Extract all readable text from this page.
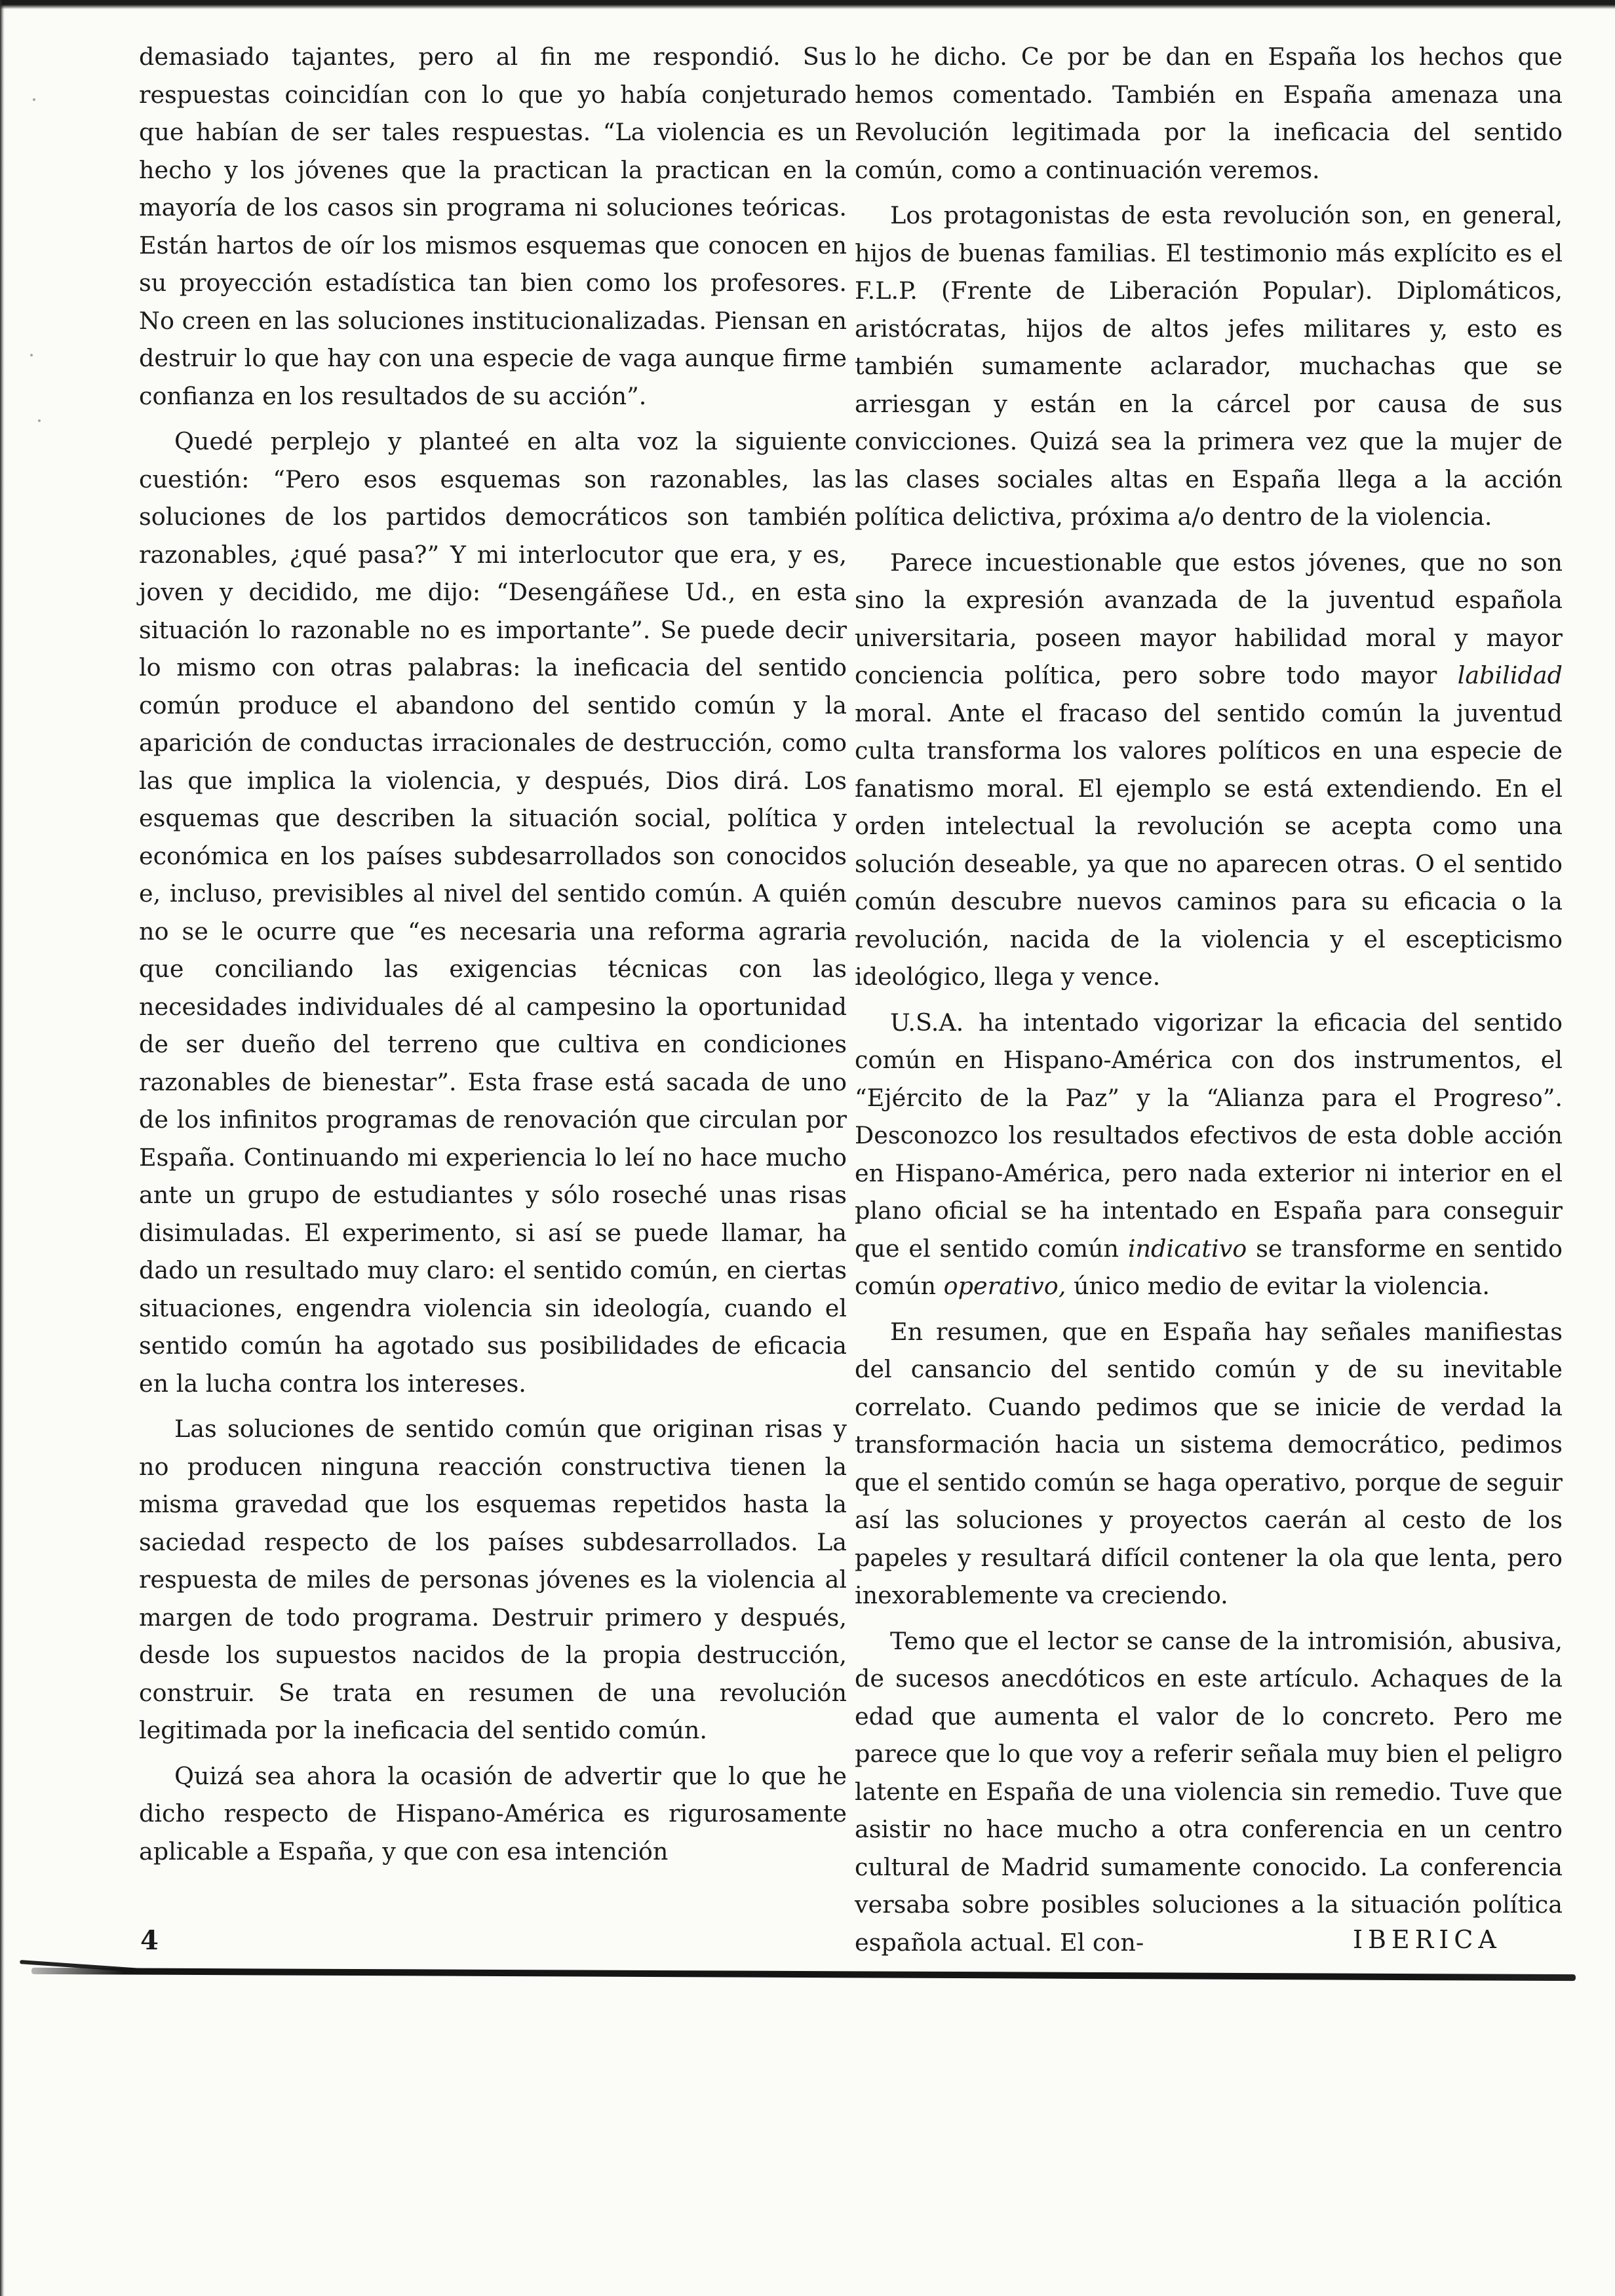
demasiado tajantes, pero al fin me respondió. Sus respuestas coincidían con lo que yo había conjeturado que habían de ser tales respuestas. “La violencia es un hecho y los jóvenes que la practican la practican en la mayoría de los casos sin programa ni soluciones teóricas. Están hartos de oír los mismos esquemas que conocen en su proyección estadística tan bien como los profesores. No creen en las soluciones institucionalizadas. Piensan en destruir lo que hay con una especie de vaga aunque firme confianza en los resultados de su acción”.

Quedé perplejo y planteé en alta voz la siguiente cuestión: “Pero esos esquemas son razonables, las soluciones de los partidos democráticos son también razonables, ¿qué pasa?” Y mi interlocutor que era, y es, joven y decidido, me dijo: “Desengáñese Ud., en esta situación lo razonable no es importante”. Se puede decir lo mismo con otras palabras: la ineficacia del sentido común produce el abandono del sentido común y la aparición de conductas irracionales de destrucción, como las que implica la violencia, y después, Dios dirá. Los esquemas que describen la situación social, política y económica en los países subdesarrollados son conocidos e, incluso, previsibles al nivel del sentido común. A quién no se le ocurre que “es necesaria una reforma agraria que conciliando las exigencias técnicas con las necesidades individuales dé al campesino la oportunidad de ser dueño del terreno que cultiva en condiciones razonables de bienestar”. Esta frase está sacada de uno de los infinitos programas de renovación que circulan por España. Continuando mi experiencia lo leí no hace mucho ante un grupo de estudiantes y sólo roseché unas risas disimuladas. El experimento, si así se puede llamar, ha dado un resultado muy claro: el sentido común, en ciertas situaciones, engendra violencia sin ideología, cuando el sentido común ha agotado sus posibilidades de eficacia en la lucha contra los intereses.

Las soluciones de sentido común que originan risas y no producen ninguna reacción constructiva tienen la misma gravedad que los esquemas repetidos hasta la saciedad respecto de los países subdesarrollados. La respuesta de miles de personas jóvenes es la violencia al margen de todo programa. Destruir primero y después, desde los supuestos nacidos de la propia destrucción, construir. Se trata en resumen de una revolución legitimada por la ineficacia del sentido común.

Quizá sea ahora la ocasión de advertir que lo que he dicho respecto de Hispano-América es rigurosamente aplicable a España, y que con esa intención

lo he dicho. Ce por be dan en España los hechos que hemos comentado. También en España amenaza una Revolución legitimada por la ineficacia del sentido común, como a continuación veremos.

Los protagonistas de esta revolución son, en general, hijos de buenas familias. El testimonio más explícito es el F.L.P. (Frente de Liberación Popular). Diplomáticos, aristócratas, hijos de altos jefes militares y, esto es también sumamente aclarador, muchachas que se arriesgan y están en la cárcel por causa de sus convicciones. Quizá sea la primera vez que la mujer de las clases sociales altas en España llega a la acción política delictiva, próxima a/o dentro de la violencia.

Parece incuestionable que estos jóvenes, que no son sino la expresión avanzada de la juventud española universitaria, poseen mayor habilidad moral y mayor conciencia política, pero sobre todo mayor labilidad moral. Ante el fracaso del sentido común la juventud culta transforma los valores políticos en una especie de fanatismo moral. El ejemplo se está extendiendo. En el orden intelectual la revolución se acepta como una solución deseable, ya que no aparecen otras. O el sentido común descubre nuevos caminos para su eficacia o la revolución, nacida de la violencia y el escepticismo ideológico, llega y vence.

U.S.A. ha intentado vigorizar la eficacia del sentido común en Hispano-América con dos instrumentos, el “Ejército de la Paz” y la “Alianza para el Progreso”. Desconozco los resultados efectivos de esta doble acción en Hispano-América, pero nada exterior ni interior en el plano oficial se ha intentado en España para conseguir que el sentido común indicativo se transforme en sentido común operativo, único medio de evitar la violencia.

En resumen, que en España hay señales manifiestas del cansancio del sentido común y de su inevitable correlato. Cuando pedimos que se inicie de verdad la transformación hacia un sistema democrático, pedimos que el sentido común se haga operativo, porque de seguir así las soluciones y proyectos caerán al cesto de los papeles y resultará difícil contener la ola que lenta, pero inexorablemente va creciendo.

Temo que el lector se canse de la intromisión, abusiva, de sucesos anecdóticos en este artículo. Achaques de la edad que aumenta el valor de lo concreto. Pero me parece que lo que voy a referir señala muy bien el peligro latente en España de una violencia sin remedio. Tuve que asistir no hace mucho a otra conferencia en un centro cultural de Madrid sumamente conocido. La conferencia versaba sobre posibles soluciones a la situación política española actual. El con-

4	IBERICA
